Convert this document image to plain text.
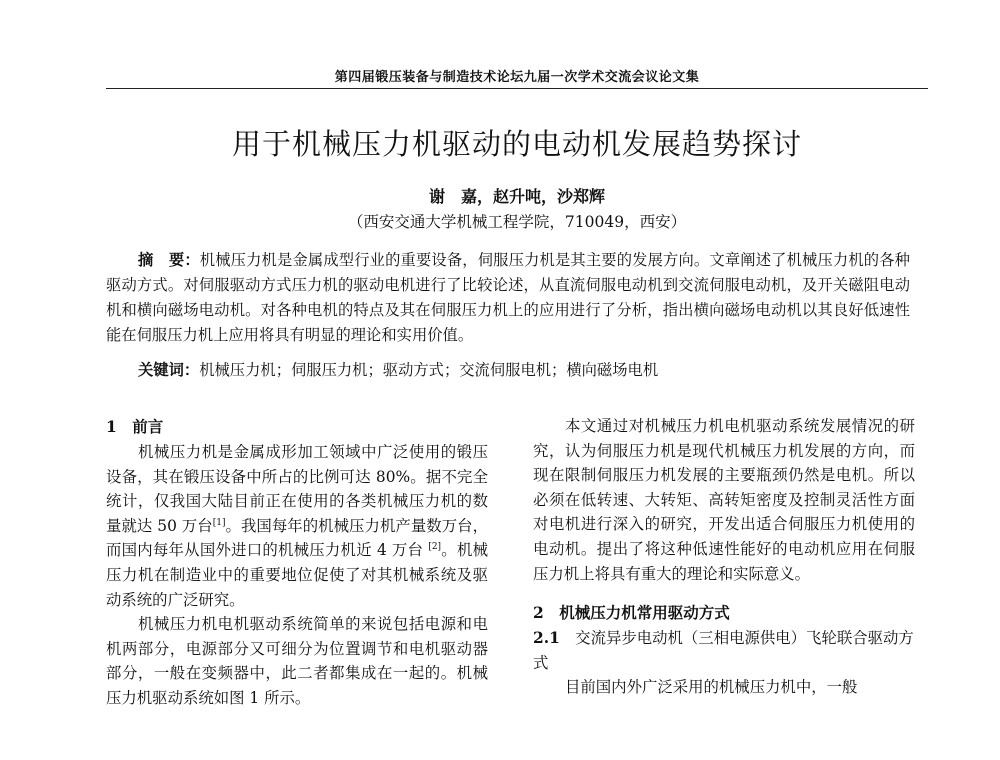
第四届锻压装备与制造技术论坛九届一次学术交流会议论文集
用于机械压力机驱动的电动机发展趋势探讨
谢　嘉，赵升吨，沙郑辉
（西安交通大学机械工程学院，710049，西安）

摘　要：机械压力机是金属成型行业的重要设备，伺服压力机是其主要的发展方向。文章阐述了机械压力机的各种驱动方式。对伺服驱动方式压力机的驱动电机进行了比较论述，从直流伺服电动机到交流伺服电动机，及开关磁阻电动机和横向磁场电动机。对各种电机的特点及其在伺服压力机上的应用进行了分析，指出横向磁场电动机以其良好低速性能在伺服压力机上应用将具有明显的理论和实用价值。

关键词：机械压力机；伺服压力机；驱动方式；交流伺服电机；横向磁场电机
1　前言

机械压力机是金属成形加工领域中广泛使用的锻压设备，其在锻压设备中所占的比例可达 80%。据不完全统计，仅我国大陆目前正在使用的各类机械压力机的数量就达 50 万台[1]。我国每年的机械压力机产量数万台，而国内每年从国外进口的机械压力机近 4 万台 [2]。机械压力机在制造业中的重要地位促使了对其机械系统及驱动系统的广泛研究。

机械压力机电机驱动系统简单的来说包括电源和电机两部分，电源部分又可细分为位置调节和电机驱动器部分，一般在变频器中，此二者都集成在一起的。机械压力机驱动系统如图 1 所示。

本文通过对机械压力机电机驱动系统发展情况的研究，认为伺服压力机是现代机械压力机发展的方向，而现在限制伺服压力机发展的主要瓶颈仍然是电机。所以必须在低转速、大转矩、高转矩密度及控制灵活性方面对电机进行深入的研究，开发出适合伺服压力机使用的电动机。提出了将这种低速性能好的电动机应用在伺服压力机上将具有重大的理论和实际意义。

2　机械压力机常用驱动方式

2.1　交流异步电动机（三相电源供电）飞轮联合驱动方式

目前国内外广泛采用的机械压力机中，一般
